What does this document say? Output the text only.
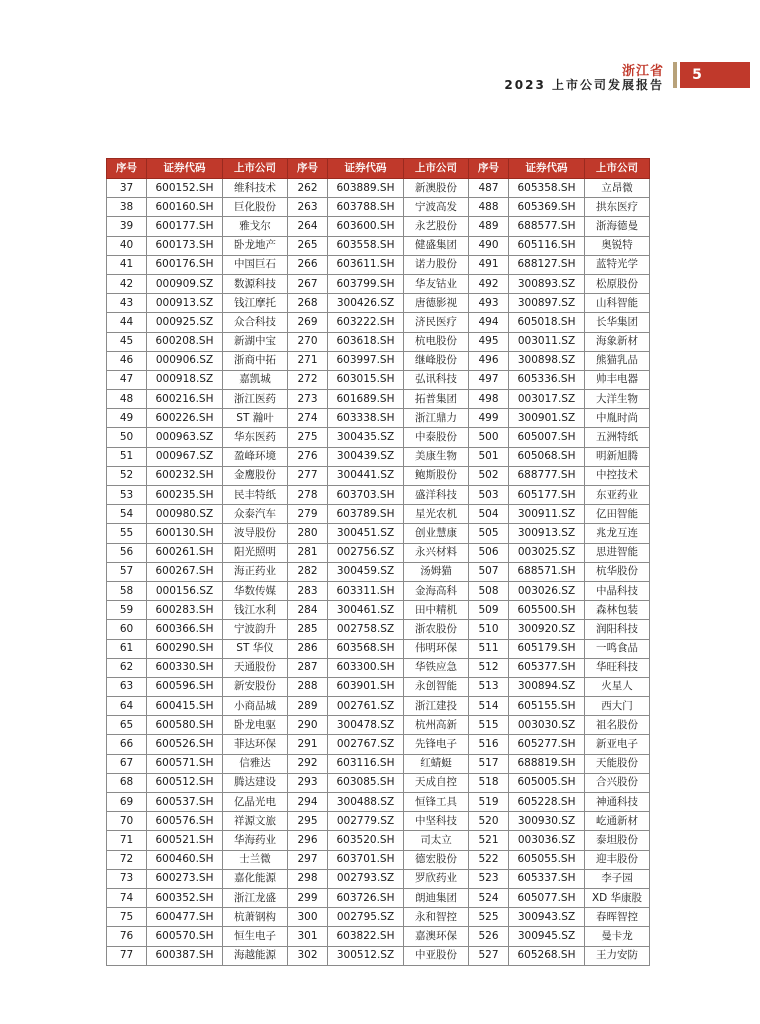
浙江省
2023 上市公司发展报告
5
序号	证券代码	上市公司	序号	证券代码	上市公司	序号	证券代码	上市公司
37	600152.SH	维科技术	262	603889.SH	新澳股份	487	605358.SH	立昂微
38	600160.SH	巨化股份	263	603788.SH	宁波高发	488	605369.SH	拱东医疗
39	600177.SH	雅戈尔	264	603600.SH	永艺股份	489	688577.SH	浙海德曼
40	600173.SH	卧龙地产	265	603558.SH	健盛集团	490	605116.SH	奥锐特
41	600176.SH	中国巨石	266	603611.SH	诺力股份	491	688127.SH	蓝特光学
42	000909.SZ	数源科技	267	603799.SH	华友钴业	492	300893.SZ	松原股份
43	000913.SZ	钱江摩托	268	300426.SZ	唐德影视	493	300897.SZ	山科智能
44	000925.SZ	众合科技	269	603222.SH	济民医疗	494	605018.SH	长华集团
45	600208.SH	新湖中宝	270	603618.SH	杭电股份	495	003011.SZ	海象新材
46	000906.SZ	浙商中拓	271	603997.SH	继峰股份	496	300898.SZ	熊猫乳品
47	000918.SZ	嘉凯城	272	603015.SH	弘讯科技	497	605336.SH	帅丰电器
48	600216.SH	浙江医药	273	601689.SH	拓普集团	498	003017.SZ	大洋生物
49	600226.SH	ST 瀚叶	274	603338.SH	浙江鼎力	499	300901.SZ	中胤时尚
50	000963.SZ	华东医药	275	300435.SZ	中泰股份	500	605007.SH	五洲特纸
51	000967.SZ	盈峰环境	276	300439.SZ	美康生物	501	605068.SH	明新旭腾
52	600232.SH	金鹰股份	277	300441.SZ	鲍斯股份	502	688777.SH	中控技术
53	600235.SH	民丰特纸	278	603703.SH	盛洋科技	503	605177.SH	东亚药业
54	000980.SZ	众泰汽车	279	603789.SH	星光农机	504	300911.SZ	亿田智能
55	600130.SH	波导股份	280	300451.SZ	创业慧康	505	300913.SZ	兆龙互连
56	600261.SH	阳光照明	281	002756.SZ	永兴材料	506	003025.SZ	思进智能
57	600267.SH	海正药业	282	300459.SZ	汤姆猫	507	688571.SH	杭华股份
58	000156.SZ	华数传媒	283	603311.SH	金海高科	508	003026.SZ	中晶科技
59	600283.SH	钱江水利	284	300461.SZ	田中精机	509	605500.SH	森林包装
60	600366.SH	宁波韵升	285	002758.SZ	浙农股份	510	300920.SZ	润阳科技
61	600290.SH	ST 华仪	286	603568.SH	伟明环保	511	605179.SH	一鸣食品
62	600330.SH	天通股份	287	603300.SH	华铁应急	512	605377.SH	华旺科技
63	600596.SH	新安股份	288	603901.SH	永创智能	513	300894.SZ	火星人
64	600415.SH	小商品城	289	002761.SZ	浙江建投	514	605155.SH	西大门
65	600580.SH	卧龙电驱	290	300478.SZ	杭州高新	515	003030.SZ	祖名股份
66	600526.SH	菲达环保	291	002767.SZ	先锋电子	516	605277.SH	新亚电子
67	600571.SH	信雅达	292	603116.SH	红蜻蜓	517	688819.SH	天能股份
68	600512.SH	腾达建设	293	603085.SH	天成自控	518	605005.SH	合兴股份
69	600537.SH	亿晶光电	294	300488.SZ	恒锋工具	519	605228.SH	神通科技
70	600576.SH	祥源文旅	295	002779.SZ	中坚科技	520	300930.SZ	屹通新材
71	600521.SH	华海药业	296	603520.SH	司太立	521	003036.SZ	泰坦股份
72	600460.SH	士兰微	297	603701.SH	德宏股份	522	605055.SH	迎丰股份
73	600273.SH	嘉化能源	298	002793.SZ	罗欣药业	523	605337.SH	李子园
74	600352.SH	浙江龙盛	299	603726.SH	朗迪集团	524	605077.SH	XD 华康股
75	600477.SH	杭萧钢构	300	002795.SZ	永和智控	525	300943.SZ	春晖智控
76	600570.SH	恒生电子	301	603822.SH	嘉澳环保	526	300945.SZ	曼卡龙
77	600387.SH	海越能源	302	300512.SZ	中亚股份	527	605268.SH	王力安防
